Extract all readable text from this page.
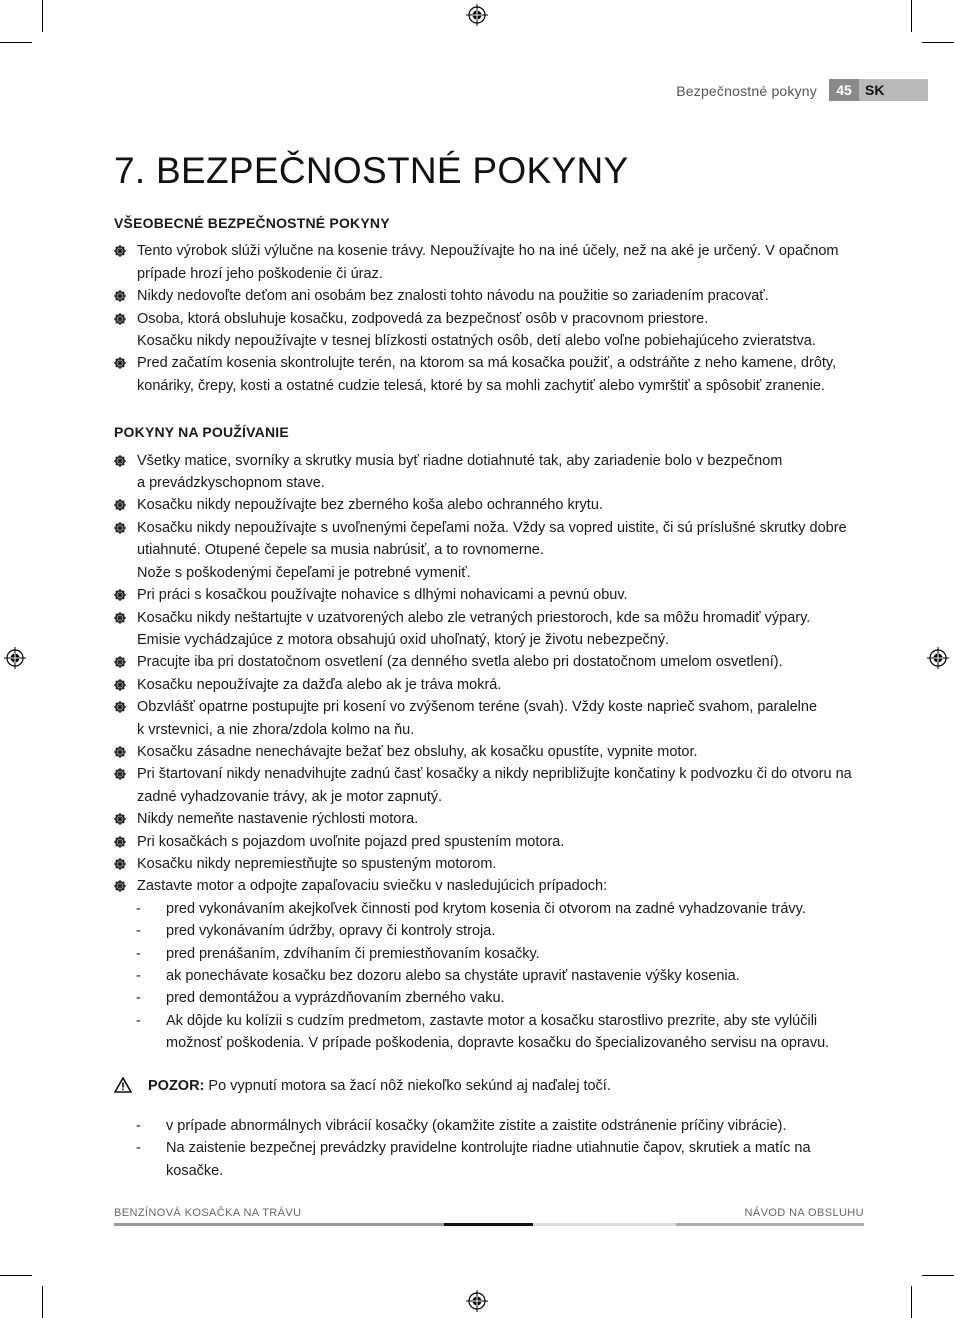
Bezpečnostné pokyny	45 SK
7. BEZPEČNOSTNÉ POKYNY

VŠEOBECNÉ BEZPEČNOSTNÉ POKYNY

Tento výrobok slúži výlučne na kosenie trávy. Nepoužívajte ho na iné účely, než na aké je určený. V opačnom prípade hrozí jeho poškodenie či úraz.
Nikdy nedovoľte deťom ani osobám bez znalosti tohto návodu na použitie so zariadením pracovať.
Osoba, ktorá obsluhuje kosačku, zodpovedá za bezpečnosť osôb v pracovnom priestore.
Kosačku nikdy nepoužívajte v tesnej blízkosti ostatných osôb, detí alebo voľne pobiehajúceho zvieratstva.
Pred začatím kosenia skontrolujte terén, na ktorom sa má kosačka použiť, a odstráňte z neho kamene, drôty, konáriky, črepy, kosti a ostatné cudzie telesá, ktoré by sa mohli zachytiť alebo vymrštiť a spôsobiť zranenie.

POKYNY NA POUŽÍVANIE

Všetky matice, svorníky a skrutky musia byť riadne dotiahnuté tak, aby zariadenie bolo v bezpečnom
a prevádzkyschopnom stave.
Kosačku nikdy nepoužívajte bez zberného koša alebo ochranného krytu.
Kosačku nikdy nepoužívajte s uvoľnenými čepeľami noža. Vždy sa vopred uistite, či sú príslušné skrutky dobre utiahnuté. Otupené čepele sa musia nabrúsiť, a to rovnomerne.
Nože s poškodenými čepeľami je potrebné vymeniť.
Pri práci s kosačkou používajte nohavice s dlhými nohavicami a pevnú obuv.
Kosačku nikdy neštartujte v uzatvorených alebo zle vetraných priestoroch, kde sa môžu hromadiť výpary.
Emisie vychádzajúce z motora obsahujú oxid uhoľnatý, ktorý je životu nebezpečný.
Pracujte iba pri dostatočnom osvetlení (za denného svetla alebo pri dostatočnom umelom osvetlení).
Kosačku nepoužívajte za dažďa alebo ak je tráva mokrá.
Obzvlášť opatrne postupujte pri kosení vo zvýšenom teréne (svah). Vždy koste naprieč svahom, paralelne
k vrstevnici, a nie zhora/zdola kolmo na ňu.
Kosačku zásadne nenechávajte bežať bez obsluhy, ak kosačku opustíte, vypnite motor.
Pri štartovaní nikdy nenadvihujte zadnú časť kosačky a nikdy nepribližujte končatiny k podvozku či do otvoru na zadné vyhadzovanie trávy, ak je motor zapnutý.
Nikdy nemeňte nastavenie rýchlosti motora.
Pri kosačkách s pojazdom uvoľnite pojazd pred spustením motora.
Kosačku nikdy nepremiestňujte so spusteným motorom.
Zastavte motor a odpojte zapaľovaciu sviečku v nasledujúcich prípadoch:
- pred vykonávaním akejkoľvek činnosti pod krytom kosenia či otvorom na zadné vyhadzovanie trávy.
- pred vykonávaním údržby, opravy či kontroly stroja.
- pred prenášaním, zdvíhaním či premiestňovaním kosačky.
- ak ponechávate kosačku bez dozoru alebo sa chystáte upraviť nastavenie výšky kosenia.
- pred demontážou a vyprázdňovaním zberného vaku.
- Ak dôjde ku kolízii s cudzím predmetom, zastavte motor a kosačku starostlivo prezrite, aby ste vylúčili možnosť poškodenia. V prípade poškodenia, dopravte kosačku do špecializovaného servisu na opravu.
POZOR: Po vypnutí motora sa žací nôž niekoľko sekúnd aj naďalej točí.
- v prípade abnormálnych vibrácií kosačky (okamžite zistite a zaistite odstránenie príčiny vibrácie).
- Na zaistenie bezpečnej prevádzky pravidelne kontrolujte riadne utiahnutie čapov, skrutiek a matíc na kosačke.
BENZÍNOVÁ KOSAČKA NA TRÁVU	NÁVOD NA OBSLUHU
